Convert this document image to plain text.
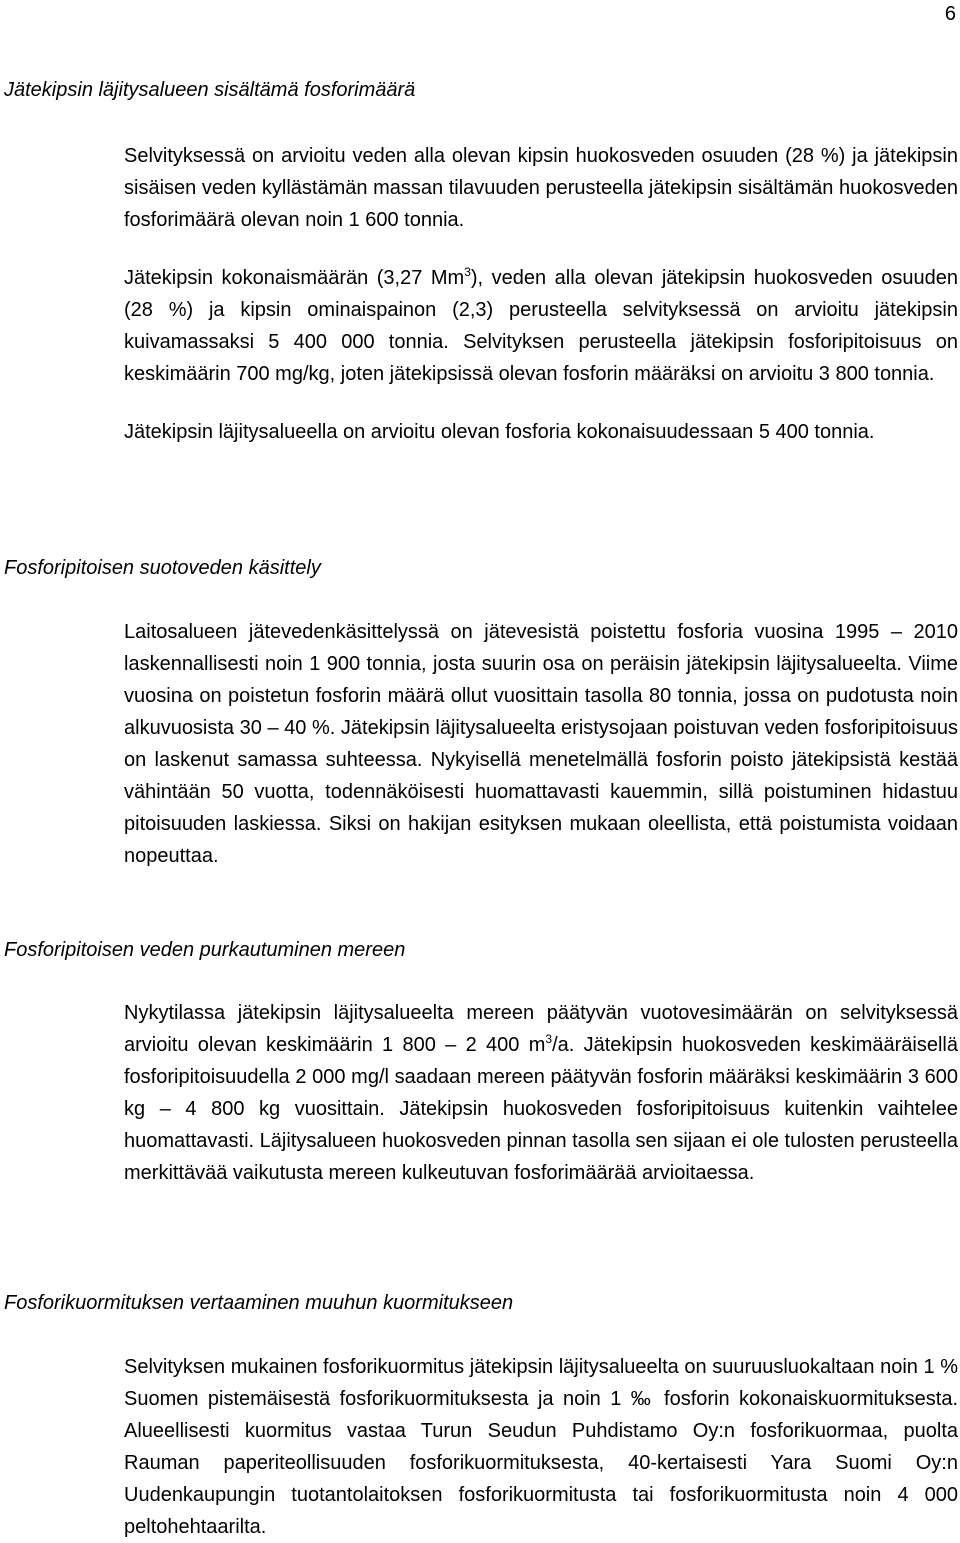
6
Jätekipsin läjitysalueen sisältämä fosforimäärä

Selvityksessä on arvioitu veden alla olevan kipsin huokosveden osuuden (28 %) ja jätekipsin sisäisen veden kyllästämän massan tilavuuden perusteella jätekipsin sisältämän huokosveden fosforimäärä olevan noin 1 600 tonnia.

Jätekipsin kokonaismäärän (3,27 Mm$^3$), veden alla olevan jätekipsin huokosveden osuuden (28 %) ja kipsin ominaispainon (2,3) perusteella selvityksessä on arvioitu jätekipsin kuivamassaksi 5 400 000 tonnia. Selvityksen perusteella jätekipsin fosforipitoisuus on keskimäärin 700 mg/kg, joten jätekipsissä olevan fosforin määräksi on arvioitu 3 800 tonnia.

Jätekipsin läjitysalueella on arvioitu olevan fosforia kokonaisuudessaan 5 400 tonnia.

Fosforipitoisen suotoveden käsittely

Laitosalueen jätevedenkäsittelyssä on jätevesistä poistettu fosforia vuosina 1995 – 2010 laskennallisesti noin 1 900 tonnia, josta suurin osa on peräisin jätekipsin läjitysalueelta. Viime vuosina on poistetun fosforin määrä ollut vuosittain tasolla 80 tonnia, jossa on pudotusta noin alkuvuosista 30 – 40 %. Jätekipsin läjitysalueelta eristysojaan poistuvan veden fosforipitoisuus on laskenut samassa suhteessa. Nykyisellä menetelmällä fosforin poisto jätekipsistä kestää vähintään 50 vuotta, todennäköisesti huomattavasti kauemmin, sillä poistuminen hidastuu pitoisuuden laskiessa. Siksi on hakijan esityksen mukaan oleellista, että poistumista voidaan nopeuttaa.

Fosforipitoisen veden purkautuminen mereen

Nykytilassa jätekipsin läjitysalueelta mereen päätyvän vuotovesimäärän on selvityksessä arvioitu olevan keskimäärin 1 800 – 2 400 $m^3/a$. Jätekipsin huokosveden keskimääräisellä fosforipitoisuudella 2 000 mg/l saadaan mereen päätyvän fosforin määräksi keskimäärin 3 600 kg – 4 800 kg vuosittain. Jätekipsin huokosveden fosforipitoisuus kuitenkin vaihtelee huomattavasti. Läjitysalueen huokosveden pinnan tasolla sen sijaan ei ole tulosten perusteella merkittävää vaikutusta mereen kulkeutuvan fosforimäärää arvioitaessa.

Fosforikuormituksen vertaaminen muuhun kuormitukseen

Selvityksen mukainen fosforikuormitus jätekipsin läjitysalueelta on suuruusluokaltaan noin 1 % Suomen pistemäisestä fosforikuormituksesta ja noin 1 ‰ fosforin kokonaiskuormituksesta. Alueellisesti kuormitus vastaa Turun Seudun Puhdistamo Oy:n fosforikuormaa, puolta Rauman paperiteollisuuden fosforikuormituksesta, 40-kertaisesti Yara Suomi Oy:n Uudenkaupungin tuotantolaitoksen fosforikuormitusta tai fosforikuormitusta noin 4 000 peltohehtaarilta.
